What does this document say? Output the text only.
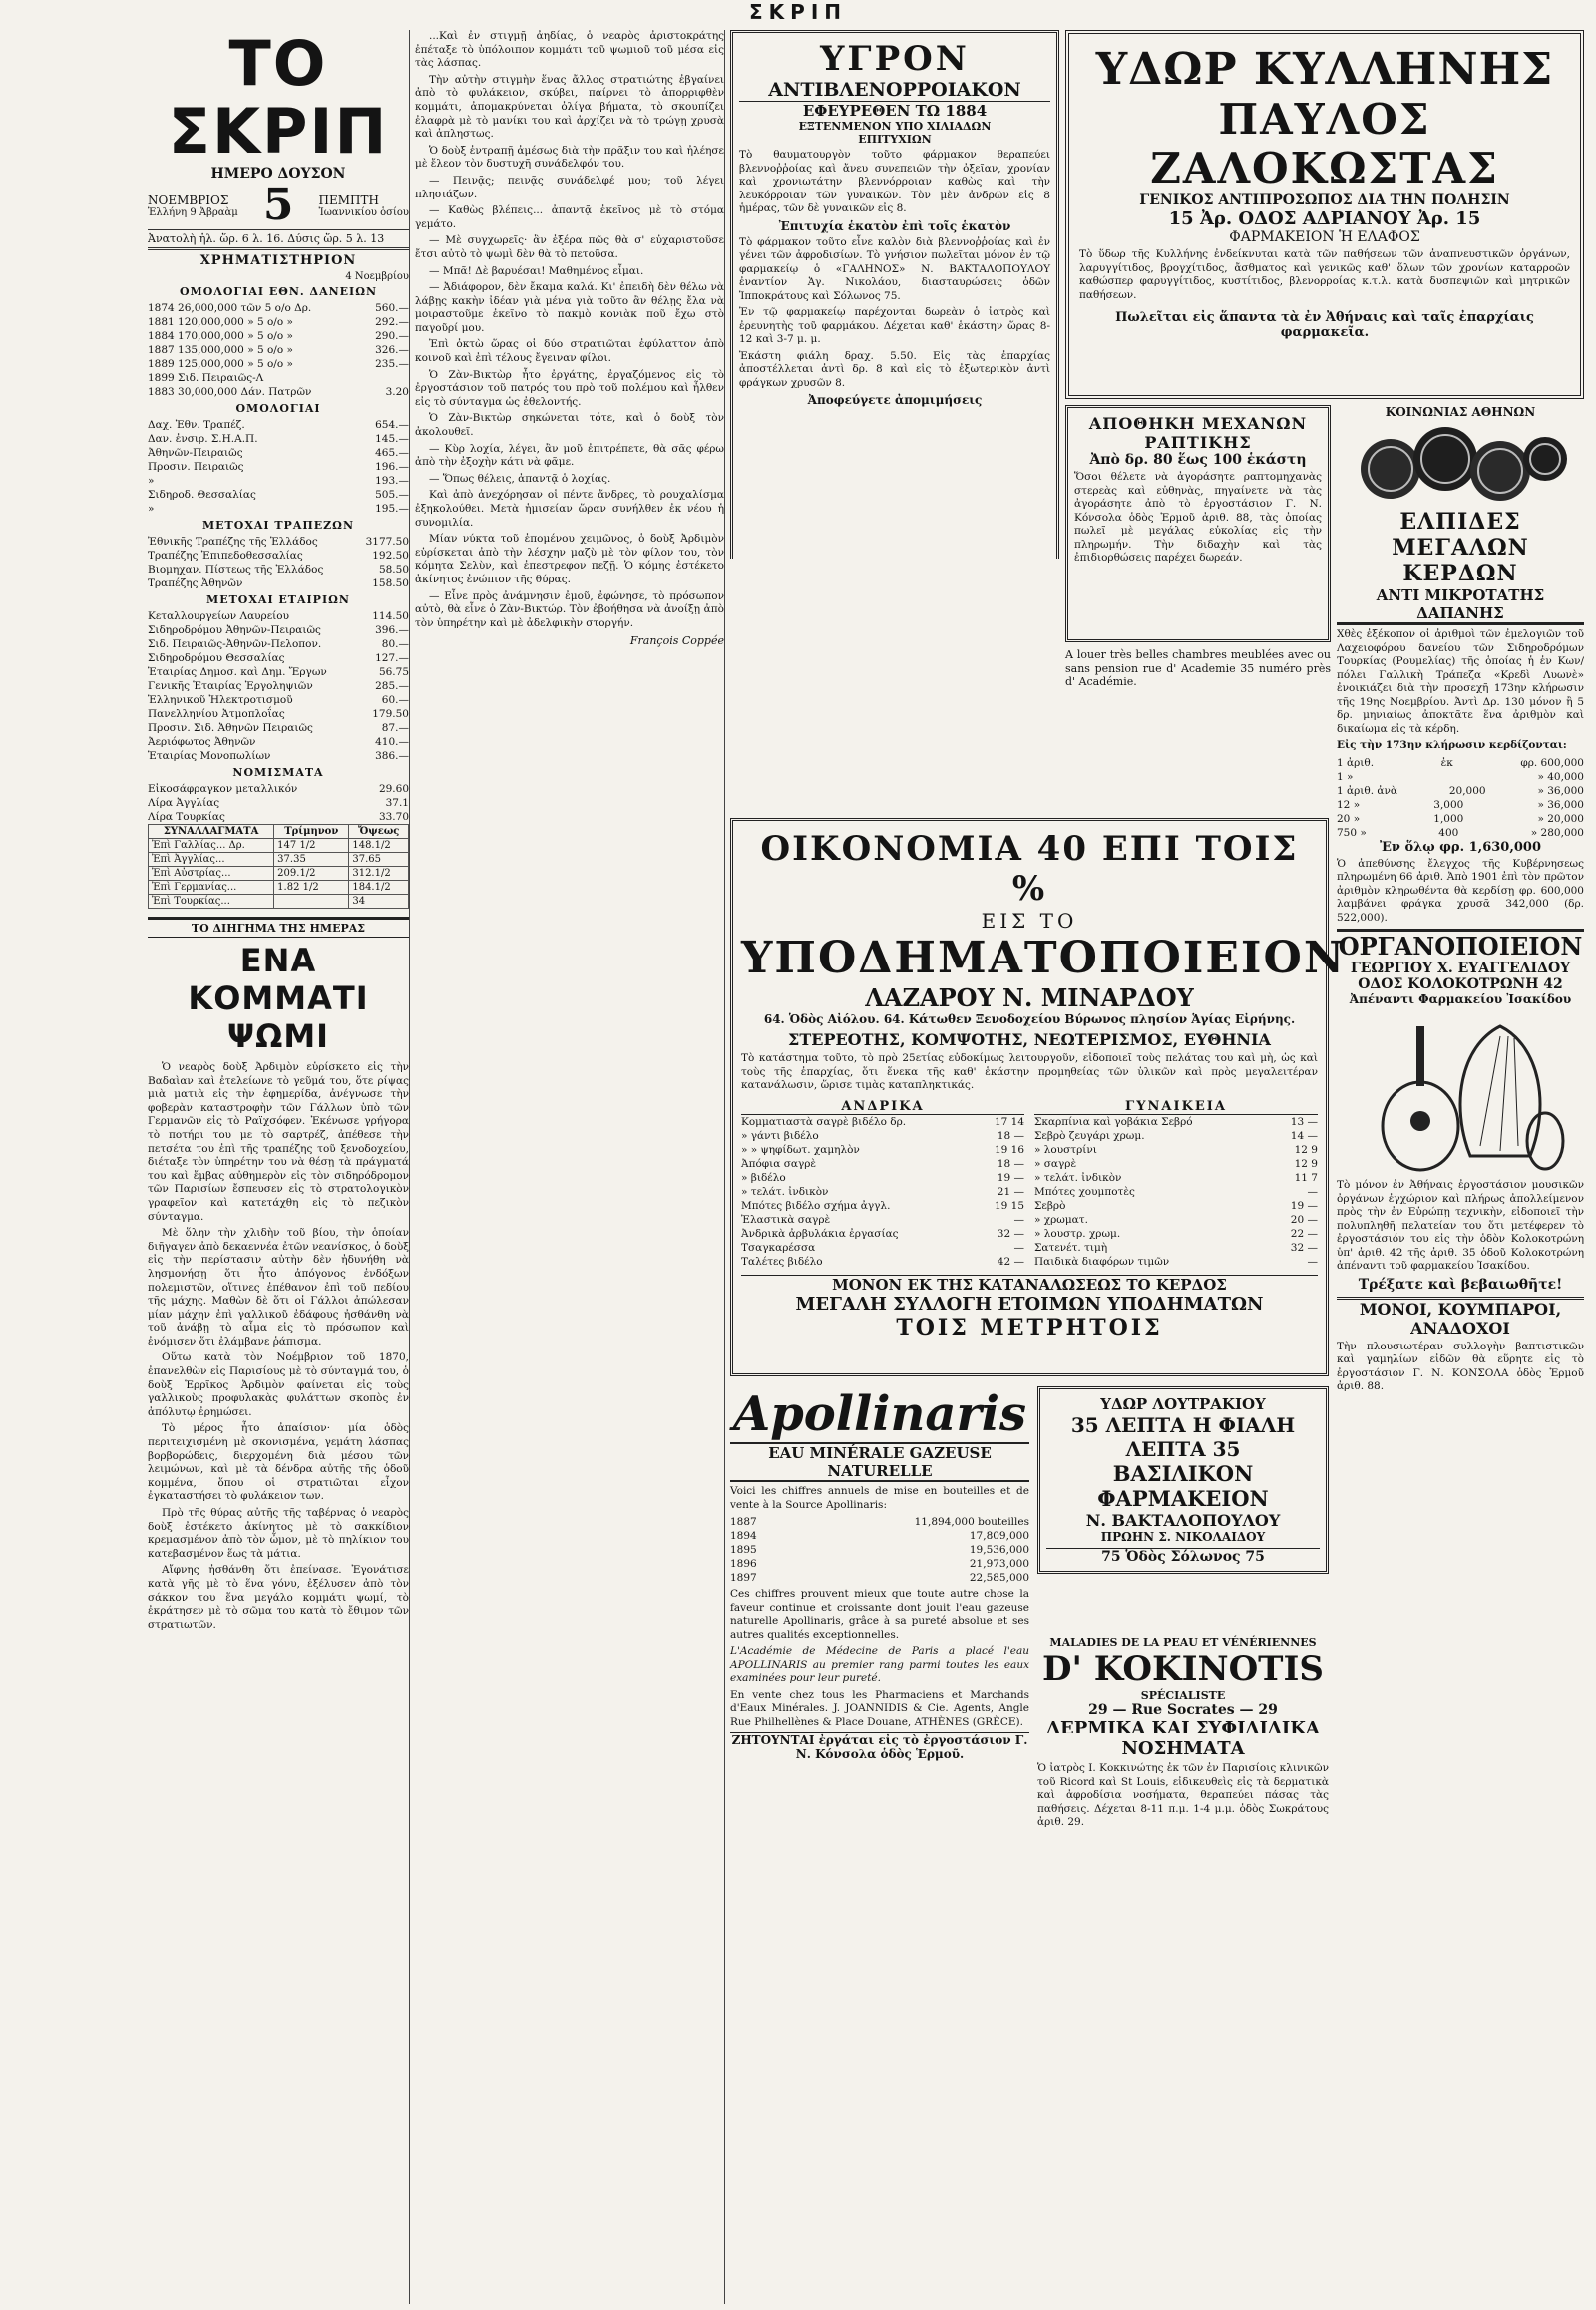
ΣΚΡΙΠ
ΤΟ ΣΚΡΙΠ
ΗΜΕΡΟ ΔΟΥΣΟΝ
ΝΟΕΜΒΡΙΟΣ
Ἑλλήνη 9 Ἀβραὰμ 5 ΠΕΜΠΤΗ
Ἰωαννικίου ὁσίου
Ἀνατολὴ ἡλ. ὥρ. 6 λ. 16. Δύσις ὥρ. 5 λ. 13
ΧΡΗΜΑΤΙΣΤΗΡΙΟΝ
4 Νοεμβρίου
ΟΜΟΛΟΓΙΑΙ ΕΘΝ. ΔΑΝΕΙΩΝ
1874 26,000,000 τῶν 5 ο/ο Δρ.	560.—
1881 120,000,000 » 5 ο/ο »	292.—
1884 170,000,000 » 5 ο/ο »	290.—
1887 135,000,000 » 5 ο/ο »	326.—
1889 125,000,000 » 5 ο/ο »	235.—
1899 Σιδ. Πειραιῶς-Λ
1883 30,000,000 Δάν. Πατρῶν	3.20
ΟΜΟΛΟΓΙΑΙ
Δαχ. Ἐθν. Τραπέζ.	654.—
Δαν. ἐνσιρ. Σ.Η.Α.Π.	145.—
Ἀθηνῶν-Πειραιῶς	465.—
Προσιν. Πειραιῶς	196.—
»	193.—
Σιδηροδ. Θεσσαλίας	505.—
»	195.—
ΜΕΤΟΧΑΙ ΤΡΑΠΕΖΩΝ
Ἐθνικῆς Τραπέζης τῆς Ἑλλάδος	3177.50
Τραπέζης Ἐπιπεδοθεσσαλίας	192.50
Βιομηχαν. Πίστεως τῆς Ἑλλάδος	58.50
Τραπέζης Ἀθηνῶν	158.50
ΜΕΤΟΧΑΙ ΕΤΑΙΡΙΩΝ
Κεταλλουργείων Λαυρείου	114.50
Σιδηροδρόμου Ἀθηνῶν-Πειραιῶς	396.—
Σιδ. Πειραιῶς-Ἀθηνῶν-Πελοπον.	80.—
Σιδηροδρόμου Θεσσαλίας	127.—
Ἑταιρίας Δημοσ. καὶ Δημ. Ἔργων	56.75
Γενικῆς Ἑταιρίας Ἐργοληψιῶν	285.—
Ἑλληνικοῦ Ἠλεκτροτισμοῦ	60.—
Πανελληνίου Ἀτμοπλοΐας	179.50
Προσιν. Σιδ. Ἀθηνῶν Πειραιῶς	87.—
Ἀεριόφωτος Ἀθηνῶν	410.—
Ἑταιρίας Μονοπωλίων	386.—
ΝΟΜΙΣΜΑΤΑ
Εἰκοσάφραγκον μεταλλικόν	29.60
Λίρα Ἀγγλίας	37.1
Λίρα Τουρκίας	33.70
ΣΥΝΑΛΛΑΓΜΑΤΑ	Τρίμηνον	Ὄψεως
Ἐπὶ Γαλλίας... Δρ.	147 1/2	148.1/2
Ἐπὶ Ἀγγλίας...	37.35	37.65
Ἐπὶ Αὐστρίας...	209.1/2	312.1/2
Ἐπὶ Γερμανίας...	1.82 1/2	184.1/2
Ἐπὶ Τουρκίας...		34
ΤΟ ΔΙΗΓΗΜΑ ΤΗΣ ΗΜΕΡΑΣ
ΕΝΑ ΚΟΜΜΑΤΙ ΨΩΜΙ

Ὁ νεαρὸς δοὺξ Ἀρδιμὸν εὑρίσκετο εἰς τὴν Βαδαὶαν καὶ ἐτελείωνε τὸ γεῦμά του, ὅτε ρίψας μιὰ ματιὰ εἰς τὴν ἐφημερίδα, ἀνέγνωσε τὴν φοβερὰν καταστροφὴν τῶν Γάλλων ὑπὸ τῶν Γερμανῶν εἰς τὸ Ραϊχσόφεν. Ἐκένωσε γρήγορα τὸ ποτήρι του με τὸ σαρτρέζ, ἀπέθεσε τὴν πετσέτα του ἐπὶ τῆς τραπέζης τοῦ ξενοδοχείου, διέταξε τὸν ὑπηρέτην του νὰ θέσῃ τὰ πράγματά του καὶ ἔμβας αὐθημερὸν εἰς τὸν σιδηρόδρομον τῶν Παρισίων ἔσπευσεν εἰς τὸ στρατολογικὸν γραφεῖον καὶ κατετάχθη εἰς τὸ πεζικὸν σύνταγμα.

Μὲ ὅλην τὴν χλιδὴν τοῦ βίου, τὴν ὁποίαν διῆγαγεν ἀπὸ δεκαεννέα ἐτῶν νεανίσκος, ὁ δοὺξ εἰς τὴν περίστασιν αὐτὴν δὲν ἠδυνήθη νὰ λησμονήσῃ ὅτι ἦτο ἀπόγονος ἐνδόξων πολεμιστῶν, οἵτινες ἐπέθανον ἐπὶ τοῦ πεδίου τῆς μάχης. Μαθὼν δὲ ὅτι οἱ Γάλλοι ἀπώλεσαν μίαν μάχην ἐπὶ γαλλικοῦ ἐδάφους ἠσθάνθη νὰ τοῦ ἀνάβῃ τὸ αἷμα εἰς τὸ πρόσωπον καὶ ἐνόμισεν ὅτι ἐλάμβανε ῥάπισμα.

Οὕτω κατὰ τὸν Νοέμβριον τοῦ 1870, ἐπανελθὼν εἰς Παρισίους μὲ τὸ σύνταγμά του, ὁ δοὺξ Ἑρρῖκος Ἀρδιμὸν φαίνεται εἰς τοὺς γαλλικοὺς προφυλακὰς φυλάττων σκοπὸς ἐν ἀπόλυτῳ ἐρημώσει.

Τὸ μέρος ἦτο ἀπαίσιον· μία ὁδὸς περιτειχισμένη μὲ σκονισμένα, γεμάτη λάσπας βορβορώδεις, διερχομένη διὰ μέσου τῶν λειμώνων, καὶ μὲ τὰ δένδρα αὐτῆς τῆς ὁδοῦ κομμένα, ὅπου οἱ στρατιῶται εἶχον ἐγκαταστήσει τὸ φυλάκειον των.

Πρὸ τῆς θύρας αὐτῆς τῆς ταβέρνας ὁ νεαρὸς δοὺξ ἐστέκετο ἀκίνητος μὲ τὸ σακκίδιον κρεμασμένον ἀπὸ τὸν ὦμον, μὲ τὸ πηλίκιον του κατεβασμένον ἕως τὰ μάτια.

Αἴφνης ἠσθάνθη ὅτι ἐπείνασε. Ἐγονάτισε κατὰ γῆς μὲ τὸ ἕνα γόνυ, ἐξέλυσεν ἀπὸ τὸν σάκκον του ἕνα μεγάλο κομμάτι ψωμί, τὸ ἐκράτησεν μὲ τὸ σῶμα του κατὰ τὸ ἔθιμον τῶν στρατιωτῶν.

...Καὶ ἐν στιγμῇ ἀηδίας, ὁ νεαρὸς ἀριστοκράτης ἐπέταξε τὸ ὑπόλοιπον κομμάτι τοῦ ψωμιοῦ τοῦ μέσα εἰς τὰς λάσπας.

Τὴν αὐτὴν στιγμὴν ἕνας ἄλλος στρατιώτης ἐβγαίνει ἀπὸ τὸ φυλάκειον, σκύβει, παίρνει τὸ ἀπορριφθὲν κομμάτι, ἀπομακρύνεται ὀλίγα βήματα, τὸ σκουπίζει ἐλαφρὰ μὲ τὸ μανίκι του καὶ ἀρχίζει νὰ τὸ τρώγῃ χρυσὰ καὶ ἀπληστως.

Ὁ δοὺξ ἐντραπῇ ἀμέσως διὰ τὴν πρᾶξιν του καὶ ἠλέησε μὲ ἔλεον τὸν δυστυχῆ συνάδελφόν του.

— Πεινᾷς; πεινᾷς συνάδελφέ μου; τοῦ λέγει πλησιάζων.

— Καθὼς βλέπεις... ἀπαντᾷ ἐκεῖνος μὲ τὸ στόμα γεμάτο.

— Μὲ συγχωρεῖς· ἂν ἐξέρα πῶς θὰ σ' εὐχαριστοῦσε ἔτσι αὐτὸ τὸ ψωμὶ δὲν θὰ τὸ πετοῦσα.

— Μπᾶ! Δὲ βαρυέσαι! Μαθημένος εἶμαι.

— Ἀδιάφορον, δὲν ἔκαμα καλά. Κι' ἐπειδὴ δὲν θέλω νὰ λάβῃς κακὴν ἰδέαν γιὰ μένα γιὰ τοῦτο ἂν θέλῃς ἔλα νὰ μοιραστοῦμε ἐκεῖνο τὸ πακμὸ κονιὰκ ποῦ ἔχω στὸ παγοῦρί μου.

Ἐπὶ ὀκτὼ ὥρας οἱ δύο στρατιῶται ἐφύλαττον ἀπὸ κοινοῦ καὶ ἐπὶ τέλους ἔγειναν φίλοι.

Ὁ Ζὰν-Βικτὼρ ἦτο ἐργάτης, ἐργαζόμενος εἰς τὸ ἐργοστάσιον τοῦ πατρός του πρὸ τοῦ πολέμου καὶ ἦλθεν εἰς τὸ σύνταγμα ὡς ἐθελοντής.

Ὁ Ζὰν-Βικτὼρ σηκώνεται τότε, καὶ ὁ δοὺξ τὸν ἀκολουθεῖ.

— Κὺρ λοχία, λέγει, ἂν μοῦ ἐπιτρέπετε, θὰ σᾶς φέρω ἀπὸ τὴν ἐξοχὴν κάτι νὰ φᾶμε.

— Ὅπως θέλεις, ἀπαντᾷ ὁ λοχίας.

Καὶ ἀπὸ ἀνεχόρησαν οἱ πέντε ἄνδρες, τὸ ρουχαλίσμα ἐξηκολούθει. Μετὰ ἡμισείαν ὥραν συνήλθεν ἐκ νέου ἡ συνομιλία.

Μίαν νύκτα τοῦ ἐπομένου χειμῶνος, ὁ δοὺξ Ἀρδιμὸν εὑρίσκεται ἀπὸ τὴν λέσχην μαζὺ μὲ τὸν φίλον του, τὸν κόμητα Σελὺν, καὶ ἐπεστρεφον πεζῇ. Ὁ κόμης ἐστέκετο ἀκίνητος ἐνώπιον τῆς θύρας.

— Εἶνε πρὸς ἀνάμνησιν ἐμοῦ, ἐφώνησε, τὸ πρόσωπον αὐτὸ, θὰ εἶνε ὁ Ζὰν-Βικτώρ. Τὸν ἐβοήθησα νὰ ἀνοίξῃ ἀπὸ τὸν ὑπηρέτην καὶ μὲ ἀδελφικὴν στοργήν.

François Coppée
ΥΓΡΟΝ
ΑΝΤΙΒΛΕΝΟΡΡΟΙΑΚΟΝ
ΕΦΕΥΡΕΘΕΝ ΤΩ 1884
ΕΞΤΕΝΜΕΝΟΝ ΥΠΟ ΧΙΛΙΑΔΩΝ
ΕΠΙΤΥΧΙΩΝ

Τὸ θαυματουργὸν τοῦτο φάρμακον θεραπεύει βλεννοῤῥοίας καὶ ἄνευ συνεπειῶν τὴν ὀξεῖαν, χρονίαν καὶ χρονιωτάτην βλεννόρροιαν καθὼς καὶ τὴν λευκόρροιαν τῶν γυναικῶν. Τὸν μὲν ἀνδρῶν εἰς 8 ἡμέρας, τῶν δὲ γυναικῶν εἰς 8.

Ἐπιτυχία ἑκατὸν ἐπὶ τοῖς ἑκατὸν

Τὸ φάρμακον τοῦτο εἶνε καλὸν διὰ βλεννοῤῥοίας καὶ ἐν γένει τῶν ἀφροδισίων. Τὸ γνήσιον πωλεῖται μόνον ἐν τῷ φαρμακείῳ ὁ «ΓΑΛΗΝΟΣ» Ν. ΒΑΚΤΑΛΟΠΟΥΛΟΥ ἐναντίον Ἁγ. Νικολάου, διασταυρώσεις ὁδῶν Ἱπποκράτους καὶ Σόλωνος 75.

Ἐν τῷ φαρμακείῳ παρέχονται δωρεὰν ὁ ἰατρὸς καὶ ἐρευνητὴς τοῦ φαρμάκου. Δέχεται καθ' ἑκάστην ὥρας 8-12 καὶ 3-7 μ. μ.

Ἑκάστη φιάλη δραχ. 5.50. Εἰς τὰς ἐπαρχίας ἀποστέλλεται ἀντὶ δρ. 8 καὶ εἰς τὸ ἐξωτερικὸν ἀντὶ φράγκων χρυσῶν 8.

Ἀποφεύγετε ἀπομιμήσεις
ΥΔΩΡ ΚΥΛΛΗΝΗΣ
ΠΑΥΛΟΣ ΖΑΛΟΚΩΣΤΑΣ
ΓΕΝΙΚΟΣ ΑΝΤΙΠΡΟΣΩΠΟΣ ΔΙΑ ΤΗΝ ΠΟΛΗΣΙΝ
15 Ἀρ. ΟΔΟΣ ΑΔΡΙΑΝΟΥ Ἀρ. 15
ΦΑΡΜΑΚΕΙΟΝ Ἡ ΕΛΑΦΟΣ

Τὸ ὕδωρ τῆς Κυλλήνης ἐνδείκνυται κατὰ τῶν παθήσεων τῶν ἀναπνευστικῶν ὀργάνων, λαρυγγίτιδος, βρογχίτιδος, ἄσθματος καὶ γενικῶς καθ' ὅλων τῶν χρονίων καταρροῶν καθώσπερ φαρυγγίτιδος, κυστίτιδος, βλενορροίας κ.τ.λ. κατὰ δυσπεψιῶν καὶ μητρικῶν παθήσεων.

Πωλεῖται εἰς ἅπαντα τὰ ἐν Ἀθήναις καὶ ταῖς ἐπαρχίαις φαρμακεῖα.
ΑΠΟΘΗΚΗ ΜΕΧΑΝΩΝ ΡΑΠΤΙΚΗΣ
Ἀπὸ δρ. 80 ἕως 100 ἑκάστη

Ὅσοι θέλετε νὰ ἀγοράσητε ραπτομηχανὰς στερεὰς καὶ εὐθηνὰς, πηγαίνετε νὰ τὰς ἀγοράσητε ἀπὸ τὸ ἐργοστάσιον Γ. Ν. Κόνσολα ὁδὸς Ἑρμοῦ ἀριθ. 88, τὰς ὁποίας πωλεῖ μὲ μεγάλας εὐκολίας εἰς τὴν πληρωμήν. Τὴν διδαχὴν καὶ τὰς ἐπιδιορθώσεις παρέχει δωρεάν.

A louer très belles chambres meublées avec ou sans pension rue d' Academie 35 numéro près d' Académie.

ΚΟΙΝΩΝΙΑΣ ΑΘΗΝΩΝ
ΕΛΠΙΔΕΣ ΜΕΓΑΛΩΝ ΚΕΡΔΩΝ
ΑΝΤΙ ΜΙΚΡΟΤΑΤΗΣ ΔΑΠΑΝΗΣ

Χθὲς ἐξέκοπον οἱ ἀριθμοὶ τῶν ἐμελογιῶν τοῦ Λαχειοφόρου δανείου τῶν Σιδηροδρόμων Τουρκίας (Ρουμελίας) τῆς ὁποίας ἡ ἐν Κων/πόλει Γαλλικὴ Τράπεζα «Κρεδὶ Λυωνὲ» ἐνοικιάζει διὰ τὴν προσεχῆ 173ην κλήρωσιν τῆς 19ης Νοεμβρίου. Ἀντὶ Δρ. 130 μόνον ἢ 5 δρ. μηνιαίως ἀποκτᾶτε ἕνα ἀριθμὸν καὶ δικαίωμα εἰς τὰ κέρδη.

Εἰς τὴν 173ην κλήρωσιν κερδίζονται:
1 ἀριθ.	ἐκ	φρ. 600,000
1 »	» 40,000
1 ἀριθ. ἀνὰ	20,000	» 36,000
12 »	3,000	» 36,000
20 »	1,000	» 20,000
750 »	400	» 280,000
Ἐν ὅλῳ φρ. 1,630,000

Ὁ ἀπεθύνσης ἔλεγχος τῆς Κυβέρνησεως πληρωμένη 66 ἀριθ. Ἀπὸ 1901 ἐπὶ τὸν πρῶτον ἀριθμὸν κληρωθέντα θὰ κερδίσῃ φρ. 600,000 λαμβάνει φράγκα χρυσᾶ 342,000 (δρ. 522,000).

ΟΡΓΑΝΟΠΟΙΕΙΟΝ
ΓΕΩΡΓΙΟΥ Χ. ΕΥΑΓΓΕΛΙΔΟΥ
ΟΔΟΣ ΚΟΛΟΚΟΤΡΩΝΗ 42
Ἀπέναντι Φαρμακείου Ἰσακίδου

Τὸ μόνον ἐν Ἀθήναις ἐργοστάσιον μουσικῶν ὀργάνων ἐγχώριον καὶ πλήρως ἀπολλείμενον πρὸς τὴν ἐν Εὐρώπῃ τεχνικὴν, εἰδοποιεῖ τὴν πολυπληθῆ πελατείαν του ὅτι μετέφερεν τὸ ἐργοστάσιόν του εἰς τὴν ὁδὸν Κολοκοτρώνη ὑπ' ἀριθ. 42 τῆς ἀριθ. 35 ὁδοῦ Κολοκοτρώνη ἀπέναντι τοῦ φαρμακείου Ἰσακίδου.

Τρέξατε καὶ βεβαιωθῆτε!
ΜΟΝΟΙ, ΚΟΥΜΠΑΡΟΙ, ΑΝΑΔΟΧΟΙ

Τὴν πλουσιωτέραν συλλογὴν βαπτιστικῶν καὶ γαμηλίων εἰδῶν θὰ εὕρητε εἰς τὸ ἐργοστάσιον Γ. Ν. ΚΟΝΣΟΛΑ ὁδὸς Ἑρμοῦ ἀριθ. 88.

ΟΙΚΟΝΟΜΙΑ 40 ΕΠΙ ΤΟΙΣ %
ΕΙΣ ΤΟ
ΥΠΟΔΗΜΑΤΟΠΟΙΕΙΟΝ
ΛΑΖΑΡΟΥ Ν. ΜΙΝΑΡΔΟΥ
64. Ὁδὸς Αἰόλου. 64. Κάτωθεν Ξενοδοχείου Βύρωνος πλησίον Ἁγίας Εἰρήνης.
ΣΤΕΡΕΟΤΗΣ, ΚΟΜΨΟΤΗΣ, ΝΕΩΤΕΡΙΣΜΟΣ, ΕΥΘΗΝΙΑ

Τὸ κατάστημα τοῦτο, τὸ πρὸ 25ετίας εὐδοκίμως λειτουργοῦν, εἰδοποιεῖ τοὺς πελάτας του καὶ μὴ, ὡς καὶ τοὺς τῆς ἐπαρχίας, ὅτι ἕνεκα τῆς καθ' ἑκάστην προμηθείας τῶν ὑλικῶν καὶ πρὸς μεγαλειτέραν κατανάλωσιν, ὥρισε τιμὰς καταπληκτικάς.

ΑΝΔΡΙΚΑ
Κομματιαστὰ σαγρὲ βιδέλο δρ.	17 14
» γάντι βιδέλο	18 —
» » ψηφίδωτ. χαμηλὸν	19 16
Ἀπόφια σαγρὲ	18 —
» βιδέλο	19 —
» τελάτ. ἰνδικὸν	21 —
Μπότες βιδέλο σχήμα ἀγγλ.	19 15
Ἐλαστικὰ σαγρὲ	—
Ἀνδρικὰ ἀρβυλάκια ἐργασίας	32 —
Τσαγκαρέσσα	—
Ταλέτες βιδέλο	42 —
ΓΥΝΑΙΚΕΙΑ
Σκαρπίνια καὶ γοβάκια Σεβρό	13 —
Σεβρὸ ζευγάρι χρωμ.	14 —
» λουστρίνι	12 9
» σαγρὲ	12 9
» τελάτ. ἰνδικὸν	11 7
Μπότες χουμποτὲς	—
Σεβρὸ	19 —
» χρωματ.	20 —
» λουστρ. χρωμ.	22 —
Σατενέτ. τιμὴ	32 —
Παιδικὰ διαφόρων τιμῶν	—
ΜΟΝΟΝ ΕΚ ΤΗΣ ΚΑΤΑΝΑΛΩΣΕΩΣ ΤΟ ΚΕΡΔΟΣ
ΜΕΓΑΛΗ ΣΥΛΛΟΓΗ ΕΤΟΙΜΩΝ ΥΠΟΔΗΜΑΤΩΝ
ΤΟΙΣ ΜΕΤΡΗΤΟΙΣ
Apollinaris
EAU MINÉRALE GAZEUSE NATURELLE

Voici les chiffres annuels de mise en bouteilles et de vente à la Source Apollinaris:

1887	11,894,000 bouteilles
1894	17,809,000
1895	19,536,000
1896	21,973,000
1897	22,585,000

Ces chiffres prouvent mieux que toute autre chose la faveur continue et croissante dont jouit l'eau gazeuse naturelle Apollinaris, grâce à sa pureté absolue et ses autres qualités exceptionnelles.

L'Académie de Médecine de Paris a placé l'eau APOLLINARIS au premier rang parmi toutes les eaux examinées pour leur pureté.

En vente chez tous les Pharmaciens et Marchands d'Eaux Minérales. J. JOANNIDIS & Cie. Agents, Angle Rue Philhellènes & Place Douane, ATHÈNES (GRÈCE).

ΖΗΤΟΥΝΤΑΙ ἐργάται εἰς τὸ ἐργοστάσιον Γ. Ν. Κόνσολα ὁδὸς Ἑρμοῦ.
ΥΔΩΡ ΛΟΥΤΡΑΚΙΟΥ
35 ΛΕΠΤΑ Η ΦΙΑΛΗ ΛΕΠΤΑ 35
ΒΑΣΙΛΙΚΟΝ ΦΑΡΜΑΚΕΙΟΝ
Ν. ΒΑΚΤΑΛΟΠΟΥΛΟΥ
ΠΡΩΗΝ Σ. ΝΙΚΟΛΑΙΔΟΥ
75 Ὁδὸς Σόλωνος 75
MALADIES DE LA PEAU ET VÉNÉRIENNES
D' KOKINOTIS
SPÉCIALISTE
29 — Rue Socrates — 29
ΔΕΡΜΙΚΑ ΚΑΙ ΣΥΦΙΛΙΔΙΚΑ
ΝΟΣΗΜΑΤΑ

Ὁ ἰατρὸς Ι. Κοκκινώτης ἐκ τῶν ἐν Παρισίοις κλινικῶν τοῦ Ricord καὶ St Louis, εἰδικευθεὶς εἰς τὰ δερματικὰ καὶ ἀφροδίσια νοσήματα, θεραπεύει πάσας τὰς παθήσεις. Δέχεται 8-11 π.μ. 1-4 μ.μ. ὁδὸς Σωκράτους ἀριθ. 29.
